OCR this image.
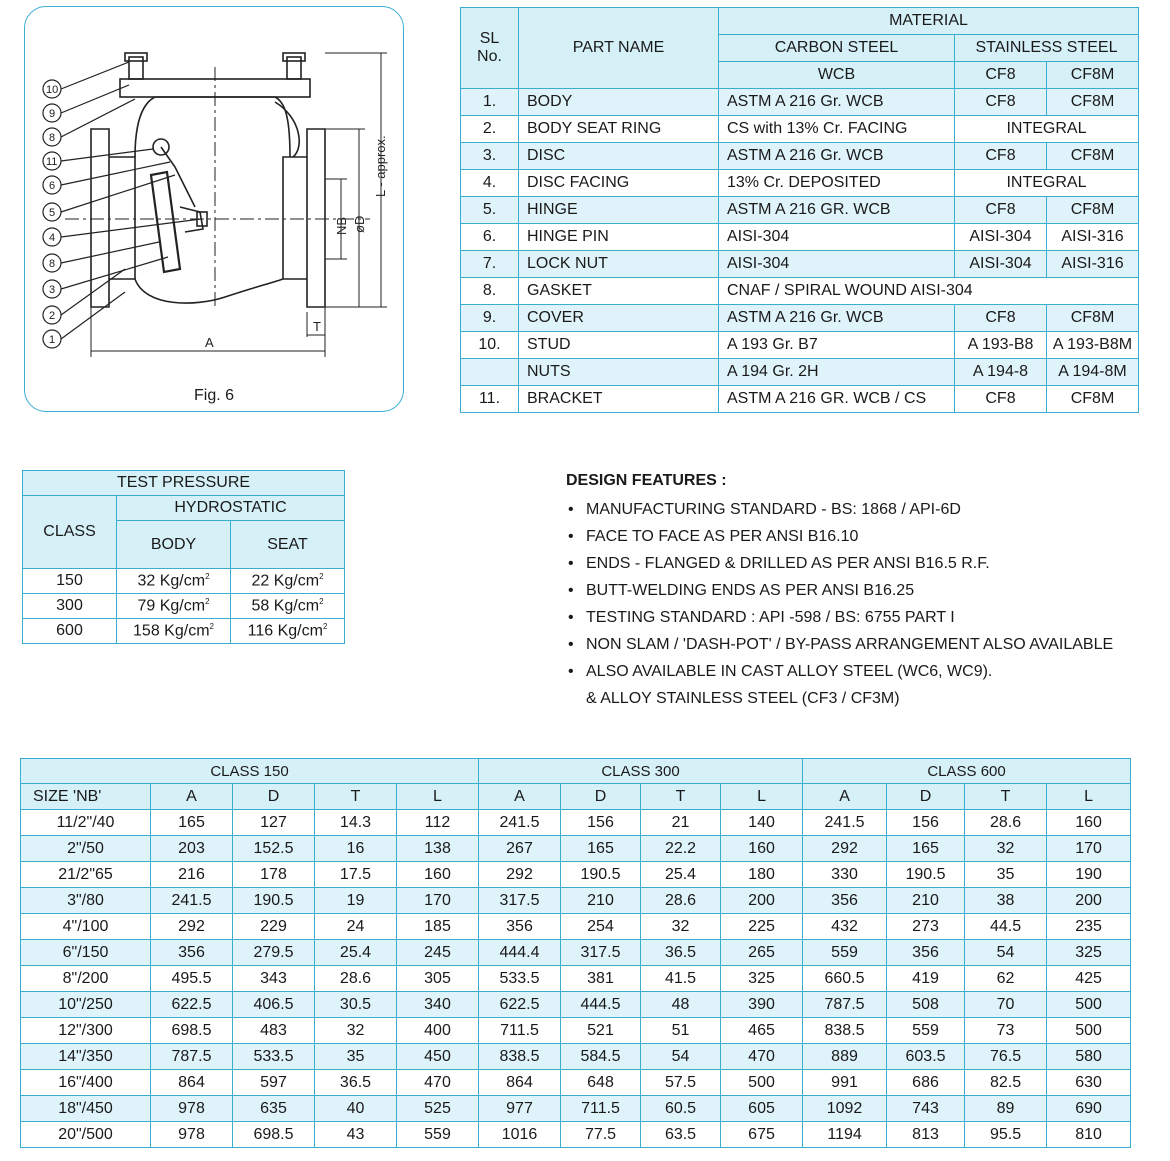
A
T
NB øD
L - approx.
10
9
8
11
6
5
4
8
3
2
1
Fig. 6
SL
No.	PART NAME	MATERIAL		
		CARBON STEEL	STAINLESS STEEL	
		WCB	CF8	CF8M
1.	BODY	ASTM A 216 Gr. WCB	CF8	CF8M
2.	BODY SEAT RING	CS with 13% Cr. FACING	INTEGRAL	
3.	DISC	ASTM A 216 Gr. WCB	CF8	CF8M
4.	DISC FACING	13% Cr. DEPOSITED	INTEGRAL	
5.	HINGE	ASTM A 216 GR. WCB	CF8	CF8M
6.	HINGE PIN	AISI-304	AISI-304	AISI-316
7.	LOCK NUT	AISI-304	AISI-304	AISI-316
8.	GASKET	CNAF / SPIRAL WOUND AISI-304		
9.	COVER	ASTM A 216 Gr. WCB	CF8	CF8M
10.	STUD	A 193 Gr. B7	A 193-B8	A 193-B8M
	NUTS	A 194 Gr. 2H	A 194-8	A 194-8M
11.	BRACKET	ASTM A 216 GR. WCB / CS	CF8	CF8M
TEST PRESSURE		
CLASS	HYDROSTATIC	
	BODY	SEAT
150	32 $Kg/cm^2$	22 $Kg/cm^2$
300	79 $Kg/cm^2$	58 $Kg/cm^2$
600	158 $Kg/cm^2$	116 $Kg/cm^2$
DESIGN FEATURES :
• MANUFACTURING STANDARD - BS: 1868 / API-6D
• FACE TO FACE AS PER ANSI B16.10
• ENDS - FLANGED & DRILLED AS PER ANSI B16.5 R.F.
• BUTT-WELDING ENDS AS PER ANSI B16.25
• TESTING STANDARD : API -598 / BS: 6755 PART I
• NON SLAM / 'DASH-POT' / BY-PASS ARRANGEMENT ALSO AVAILABLE
• ALSO AVAILABLE IN CAST ALLOY STEEL (WC6, WC9).
& ALLOY STAINLESS STEEL (CF3 / CF3M)
CLASS 150					CLASS 300				CLASS 600			
SIZE 'NB'	A	D	T	L	A	D	T	L	A	D	T	L
11/2"/40	165	127	14.3	112	241.5	156	21	140	241.5	156	28.6	160
2"/50	203	152.5	16	138	267	165	22.2	160	292	165	32	170
21/2"65	216	178	17.5	160	292	190.5	25.4	180	330	190.5	35	190
3"/80	241.5	190.5	19	170	317.5	210	28.6	200	356	210	38	200
4"/100	292	229	24	185	356	254	32	225	432	273	44.5	235
6"/150	356	279.5	25.4	245	444.4	317.5	36.5	265	559	356	54	325
8"/200	495.5	343	28.6	305	533.5	381	41.5	325	660.5	419	62	425
10"/250	622.5	406.5	30.5	340	622.5	444.5	48	390	787.5	508	70	500
12"/300	698.5	483	32	400	711.5	521	51	465	838.5	559	73	500
14"/350	787.5	533.5	35	450	838.5	584.5	54	470	889	603.5	76.5	580
16"/400	864	597	36.5	470	864	648	57.5	500	991	686	82.5	630
18"/450	978	635	40	525	977	711.5	60.5	605	1092	743	89	690
20"/500	978	698.5	43	559	1016	77.5	63.5	675	1194	813	95.5	810
